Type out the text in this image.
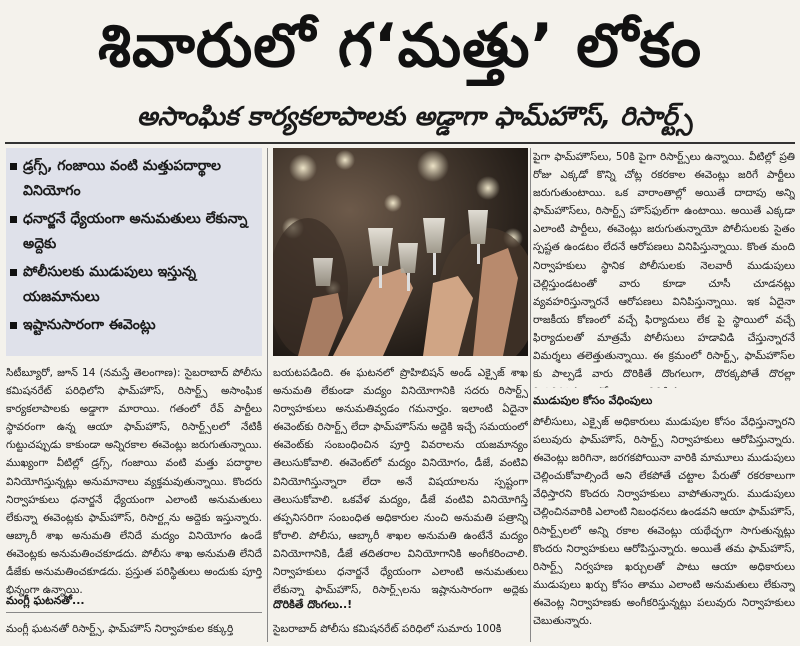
శివారులో గ‘మత్తు’ లోకం
అసాంఘిక కార్యకలాపాలకు అడ్డాగా ఫామ్‌హౌస్, రిసార్ట్స్
డ్రగ్స్, గంజాయి వంటి మత్తుపదార్థాల వినియోగం
ధనార్జనే ధ్యేయంగా అనుమతులు లేకున్నా అద్దెకు
పోలీసులకు ముడుపులు ఇస్తున్న యజమానులు
ఇష్టానుసారంగా ఈవెంట్లు

సిటీబ్యూరో, జూన్ 14 (నమస్తే తెలంగాణ): సైబరాబాద్ పోలీసు కమిషనరేట్ పరిధిలోని ఫామ్‌హౌస్, రిసార్ట్స్ అసాంఘిక కార్యకలాపాలకు అడ్డాగా మారాయి. గతంలో రేవ్ పార్టీలు స్థావరంగా ఉన్న ఆయా ఫామ్‌హౌస్, రిసార్ట్స్‌లలో నేటికీ గుట్టుచప్పుడు కాకుండా అన్నిరకాల ఈవెంట్లు జరుగుతున్నాయి. ముఖ్యంగా వీటిల్లో డ్రగ్స్, గంజాయి వంటి మత్తు పదార్థాల వినియోగిస్తున్నట్లు అనుమానాలు వ్యక్తమవుతున్నాయి. కొందరు నిర్వాహకులు ధనార్జనే ధ్యేయంగా ఎలాంటి అనుమతులు లేకున్నా ఈవెంట్లకు ఫామ్‌హౌస్, రిసార్ట్లను అద్దెకు ఇస్తున్నారు. ఆబ్కారీ శాఖ అనుమతి లేనిదే మద్యం వినియోగం ఉండే ఈవెంట్లకు అనుమతించకూడదు. పోలీసు శాఖ అనుమతి లేనిదే డీజేకు అనుమతించకూడదు. ప్రస్తుత పరిస్థితులు అందుకు పూర్తి భిన్నంగా ఉన్నాయి.

మంగ్లీ ఘటనతో...
మంగ్లీ ఘటనతో రిసార్ట్స్, ఫామ్‌హౌస్ నిర్వాహకుల కక్కుర్తి

బయటపడింది. ఈ ఘటనలో ప్రొహిబిషన్ అండ్ ఎక్సైజ్ శాఖ అనుమతి లేకుండా మద్యం వినియోగానికి సదరు రిసార్ట్స్ నిర్వాహకులు అనుమతివ్వడం గమనార్హం. ఇలాంటి ఏదైనా ఈవెంట్‌కు రిసార్ట్స్ లేదా ఫామ్‌హౌస్‌ను అద్దెకి ఇచ్చే సమయంలో ఈవెంట్‌కు సంబంధించిన పూర్తి వివరాలను యజమాన్యం తెలుసుకోవాలి. ఈవెంట్‌లో మద్యం వినియోగం, డీజే, వంటివి వినియోగిస్తున్నారా లేదా అనే విషయాలను స్పష్టంగా తెలుసుకోవాలి. ఒకవేళ మద్యం, డీజే వంటివి వినియోగిస్తే తప్పనిసరిగా సంబంధిత అధికారుల నుంచి అనుమతి పత్రాన్ని కోరాలి. పోలీసు, ఆబ్కారీ శాఖల అనుమతి ఉంటేనే మద్యం వినియోగానికి, డీజే తదితరాల వినియోగానికి అంగీకరించాలి. నిర్వాహకులు ధనార్జనే ధ్యేయంగా ఎలాంటి అనుమతులు లేకున్నా ఫామ్‌హౌస్, రిసార్ట్స్‌లను ఇష్టానుసారంగా అద్దెకు

దొరికితే దొంగలు..!
సైబరాబాద్ పోలీసు కమిషనరేట్ పరిధిలో సుమారు 100కి

పైగా ఫామ్‌హౌస్‌లు, 50కి పైగా రిసార్ట్స్‌లు ఉన్నాయి. వీటిల్లో ప్రతి రోజు ఎక్కడో కొన్ని చోట్ల రకరకాల ఈవెంట్లు జరిగే పార్టీలు జరుగుతుంటాయి. ఒక వారాంతాల్లో అయితే దాదాపు అన్ని ఫామ్‌హౌస్‌లు, రిసార్ట్స్ హౌస్‌ఫుల్‌గా ఉంటాయి. అయితే ఎక్కడా ఎలాంటి పార్టీలు, ఈవెంట్లు జరుగుతున్నాయో పోలీసులకు సైతం స్పష్టత ఉండటం లేదనే ఆరోపణలు వినిపిస్తున్నాయి. కొంత మంది నిర్వాహకులు స్థానిక పోలీసులకు నెలవారీ ముడుపులు చెల్లిస్తుండటంతో వారు కూడా చూసీ చూడనట్లు వ్యవహరిస్తున్నారనే ఆరోపణలు వినిపిస్తున్నాయి. ఇక ఏదైనా రాజకీయ కోణంలో వచ్చే ఫిర్యాదులు లేక పై స్థాయిలో వచ్చే ఫిర్యాదులతో మాత్రమే పోలీసులు హడావిడి చేస్తున్నారనే విమర్శలు తలెత్తుతున్నాయి. ఈ క్రమంలో రిసార్ట్స్, ఫామ్‌హౌస్‌ల కు పాల్పడే వారు దొరికితే దొంగలుగా, దొరక్కపోతే దొరల్లా

ముడుపుల కోసం వేధింపులు

పోలీసులు, ఎక్సైజ్ అధికారులు ముడుపుల కోసం వేధిస్తున్నారని పలువురు ఫామ్‌హౌస్, రిసార్ట్స్ నిర్వాహకులు ఆరోపిస్తున్నారు. ఈవెంట్లు జరిగినా, జరగకపోయినా వారికి మామూలు ముడుపులు చెల్లించుకోవాల్సిందే అని లేకపోతే చట్టాల పేరుతో రకరకాలుగా వేధిస్తారని కొందరు నిర్వాహకులు వాపోతున్నారు. ముడుపులు చెల్లించినవారికి ఎలాంటి నిబంధనలు ఉండవని ఆయా ఫామ్‌హౌస్, రిసార్ట్స్‌లలో అన్ని రకాల ఈవెంట్లు యథేచ్ఛగా సాగుతున్నట్లు కొందరు నిర్వాహకులు ఆరోపిస్తున్నారు. అయితే తమ ఫామ్‌హౌస్, రిసార్ట్స్ నిర్వహణ ఖర్చులతో పాటు ఆయా అధికారులు ముడుపులు ఖర్చు కోసం తాము ఎలాంటి అనుమతులు లేకున్నా ఈవెంట్ల నిర్వాహణకు అంగీకరిస్తున్నట్లు పలువురు నిర్వాహకులు చెబుతున్నారు.
